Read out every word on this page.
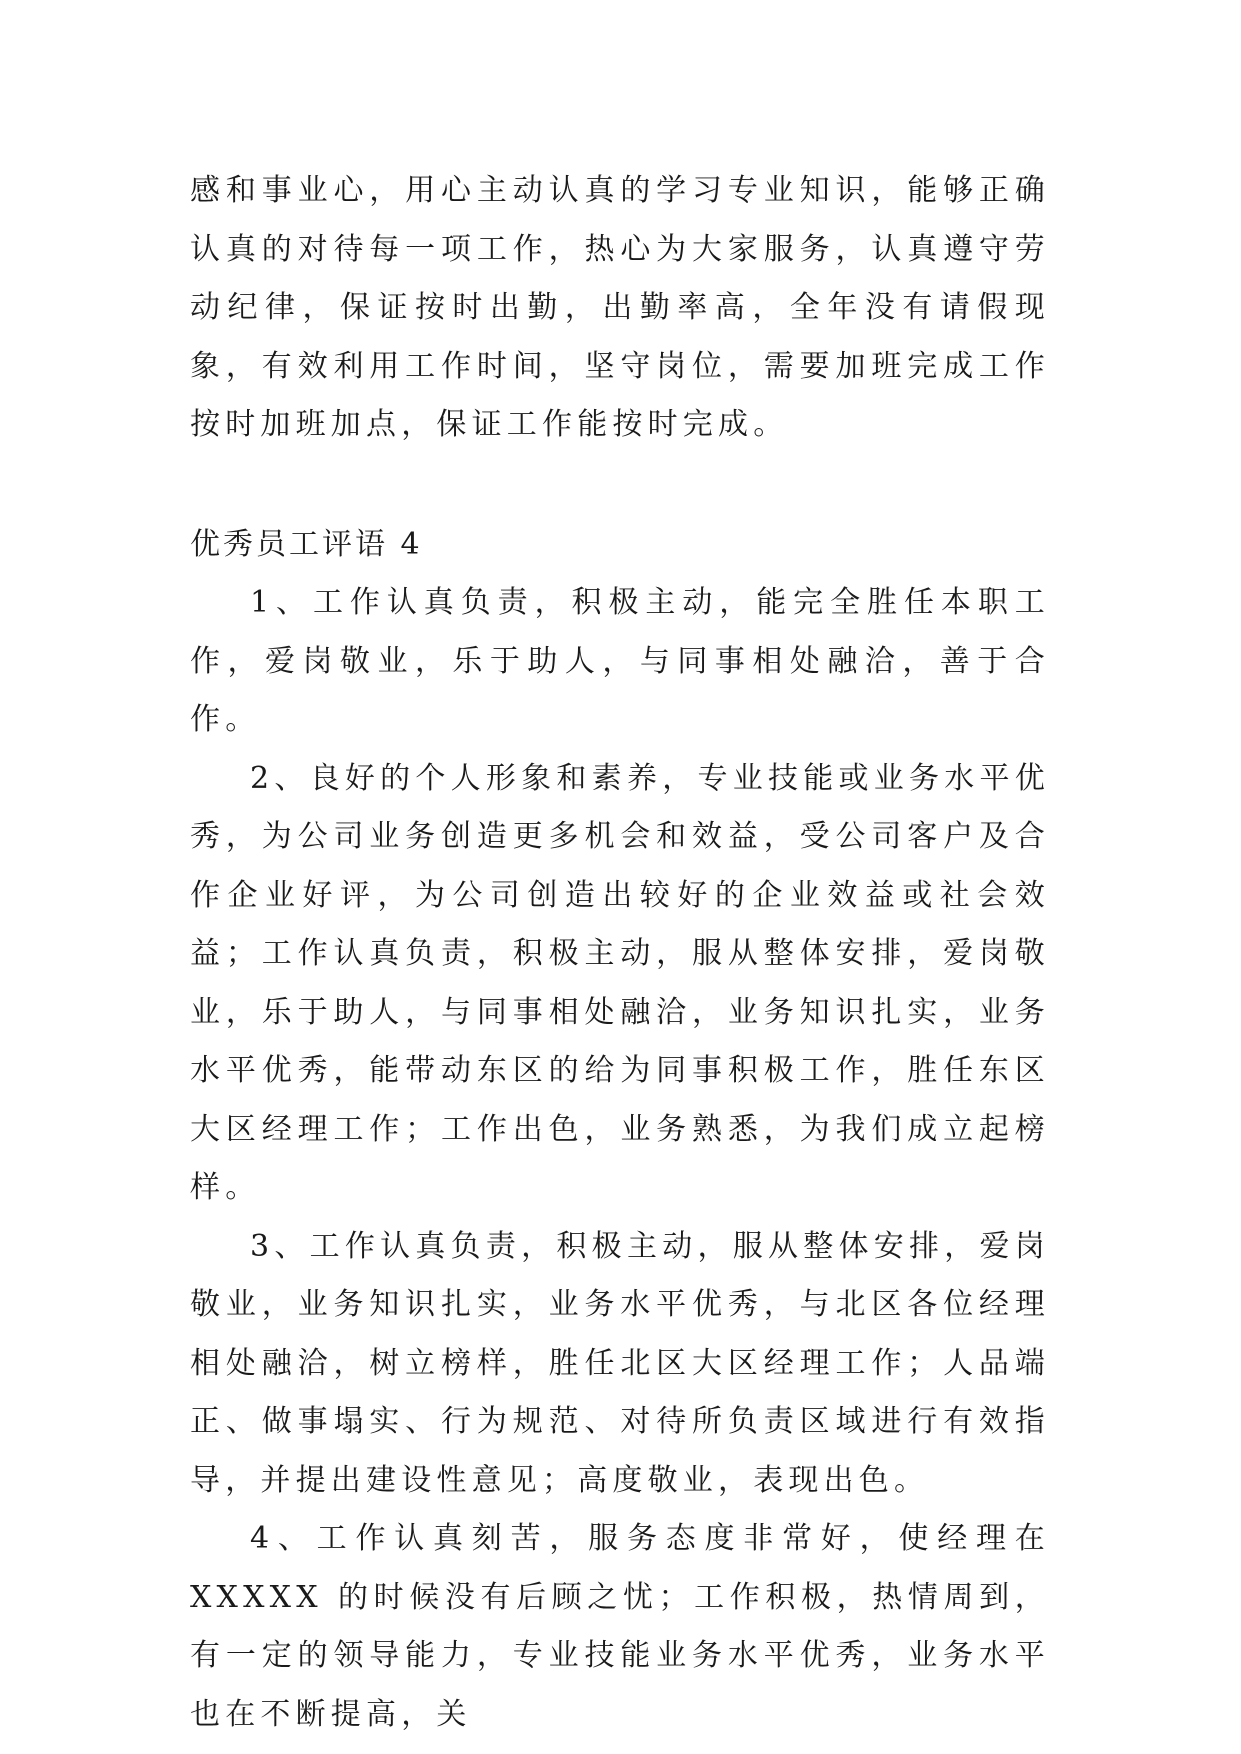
感和事业心，用心主动认真的学习专业知识，能够正确认真的对待每一项工作，热心为大家服务，认真遵守劳动纪律，保证按时出勤，出勤率高，全年没有请假现象，有效利用工作时间，坚守岗位，需要加班完成工作按时加班加点，保证工作能按时完成。

优秀员工评语 4

1、工作认真负责，积极主动，能完全胜任本职工作，爱岗敬业，乐于助人，与同事相处融洽，善于合作。

2、良好的个人形象和素养，专业技能或业务水平优秀，为公司业务创造更多机会和效益，受公司客户及合作企业好评，为公司创造出较好的企业效益或社会效益；工作认真负责，积极主动，服从整体安排，爱岗敬业，乐于助人，与同事相处融洽，业务知识扎实，业务水平优秀，能带动东区的给为同事积极工作，胜任东区大区经理工作；工作出色，业务熟悉，为我们成立起榜样。

3、工作认真负责，积极主动，服从整体安排，爱岗敬业，业务知识扎实，业务水平优秀，与北区各位经理相处融洽，树立榜样，胜任北区大区经理工作；人品端正、做事塌实、行为规范、对待所负责区域进行有效指导，并提出建设性意见；高度敬业，表现出色。

4、工作认真刻苦，服务态度非常好，使经理在 XXXXX 的时候没有后顾之忧；工作积极，热情周到，有一定的领导能力，专业技能业务水平优秀，业务水平也在不断提高，关
